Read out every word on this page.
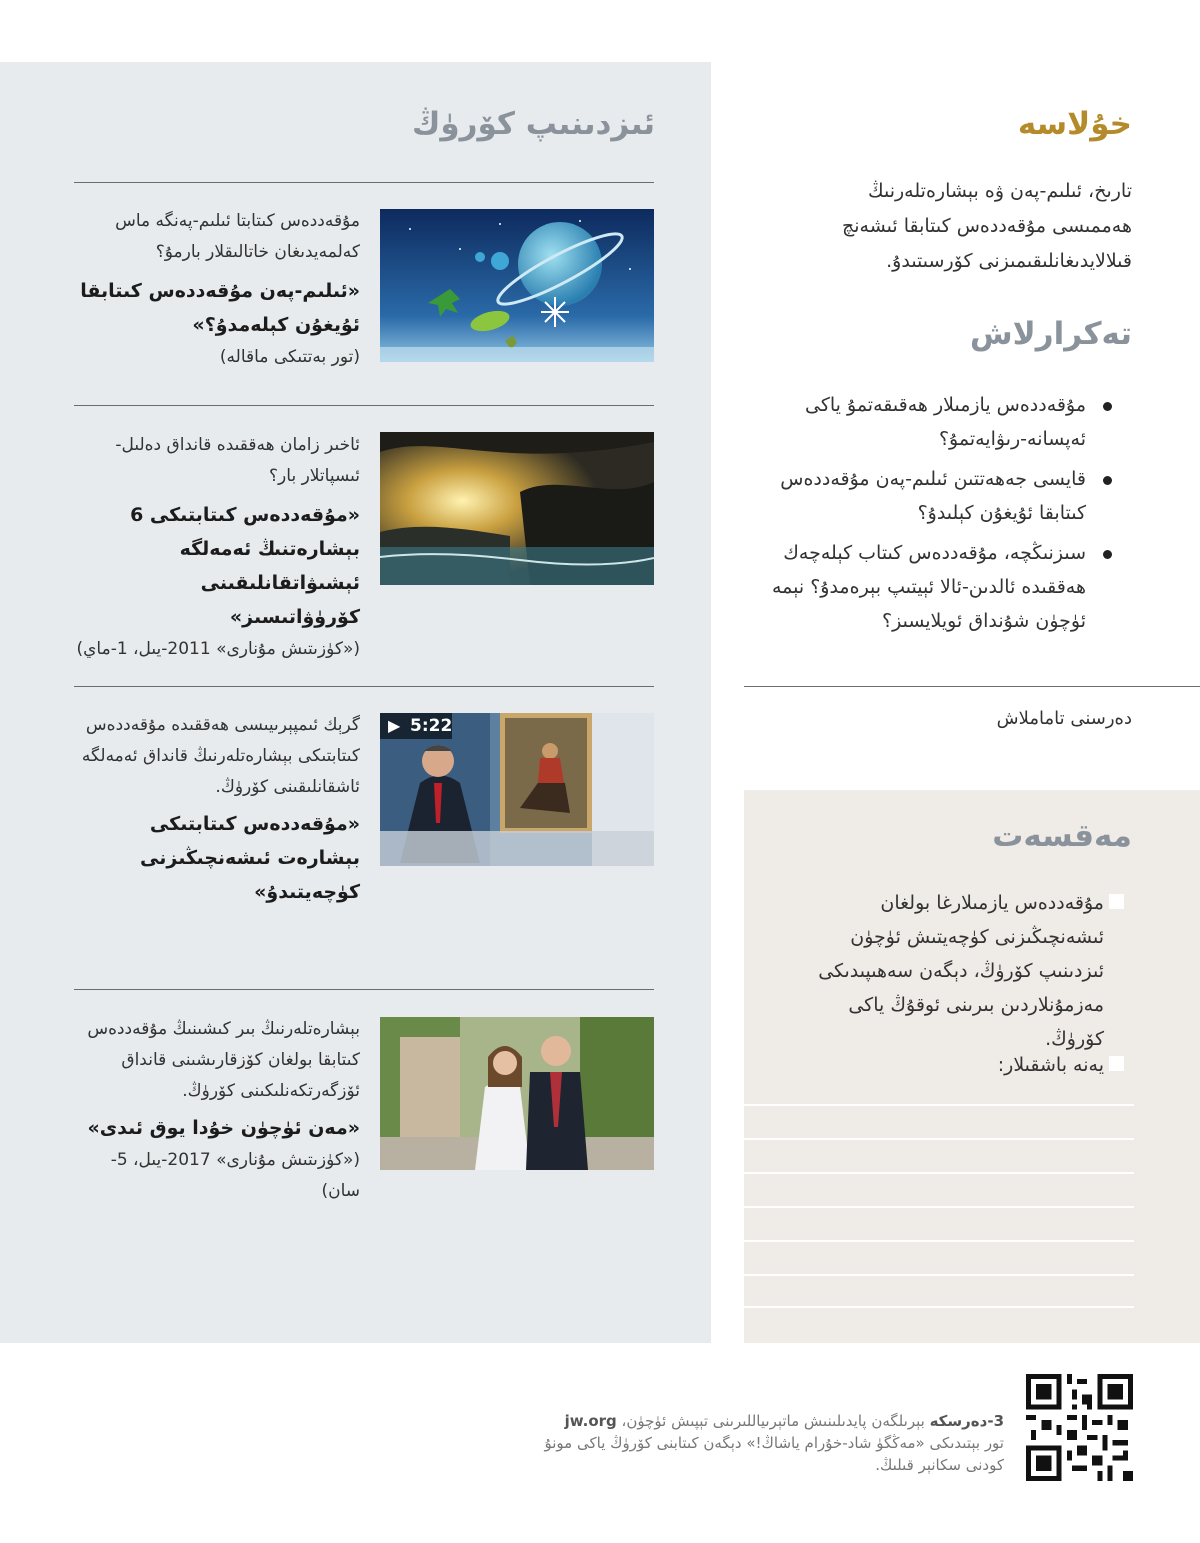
ئىزدىنىپ كۆرۈڭ
مۇقەددەس كىتابتا ئىلىم-پەنگە ماس كەلمەيدىغان خاتالىقلار بارمۇ؟
«ئىلىم-پەن مۇقەددەس كىتابقا ئۇيغۇن كېلەمدۇ؟»
(تور بەتتىكى ماقالە)
ئاخىر زامان ھەققىدە قانداق دەلىل-ئىسپاتلار بار؟
«مۇقەددەس كىتابتىكى 6 بېشارەتنىڭ ئەمەلگە ئېشىۋاتقانلىقىنى كۆرۈۋاتىسىز»
(«كۈزىتىش مۇنارى» 2011-يىل، 1-ماي)
گرېك ئىمپېرىيىسى ھەققىدە مۇقەددەس كىتابتىكى بېشارەتلەرنىڭ قانداق ئەمەلگە ئاشقانلىقىنى كۆرۈڭ.
«مۇقەددەس كىتابتىكى بېشارەت ئىشەنچىڭىزنى كۈچەيتىدۇ»
▶ 5:22
بېشارەتلەرنىڭ بىر كىشىنىڭ مۇقەددەس كىتابقا بولغان كۆزقارىشىنى قانداق ئۆزگەرتكەنلىكىنى كۆرۈڭ.
«مەن ئۈچۈن خۇدا يوق ئىدى»
(«كۈزىتىش مۇنارى» 2017-يىل، 5-سان)
خۇلاسە
تارىخ، ئىلىم-پەن ۋە بېشارەتلەرنىڭ ھەممىسى مۇقەددەس كىتابقا ئىشەنچ قىلالايدىغانلىقىمىزنى كۆرسىتىدۇ.
تەكرارلاش
مۇقەددەس يازمىلار ھەقىقەتمۇ ياكى ئەپسانە-رىۋايەتمۇ؟
قايسى جەھەتتىن ئىلىم-پەن مۇقەددەس كىتابقا ئۇيغۇن كېلىدۇ؟
سىزنىڭچە، مۇقەددەس كىتاب كېلەچەك ھەققىدە ئالدىن-ئالا ئېيتىپ بېرەمدۇ؟ نېمە ئۈچۈن شۇنداق ئويلايسىز؟
دەرسنى تاماملاش
مەقسەت
مۇقەددەس يازمىلارغا بولغان ئىشەنچىڭىزنى كۈچەيتىش ئۈچۈن ئىزدىنىپ كۆرۈڭ، دېگەن سەھىپىدىكى مەزمۇنلاردىن بىرىنى ئوقۇڭ ياكى كۆرۈڭ.
يەنە باشقىلار:
3-دەرسكە بېرىلگەن پايدىلىنىش ماتېرىياللىرىنى تېپىش ئۈچۈن، jw.org تور بېتىدىكى «مەڭگۈ شاد-خۇرام ياشاڭ!» دېگەن كىتابنى كۆرۈڭ ياكى مونۇ كودنى سكانېر قىلىڭ.
